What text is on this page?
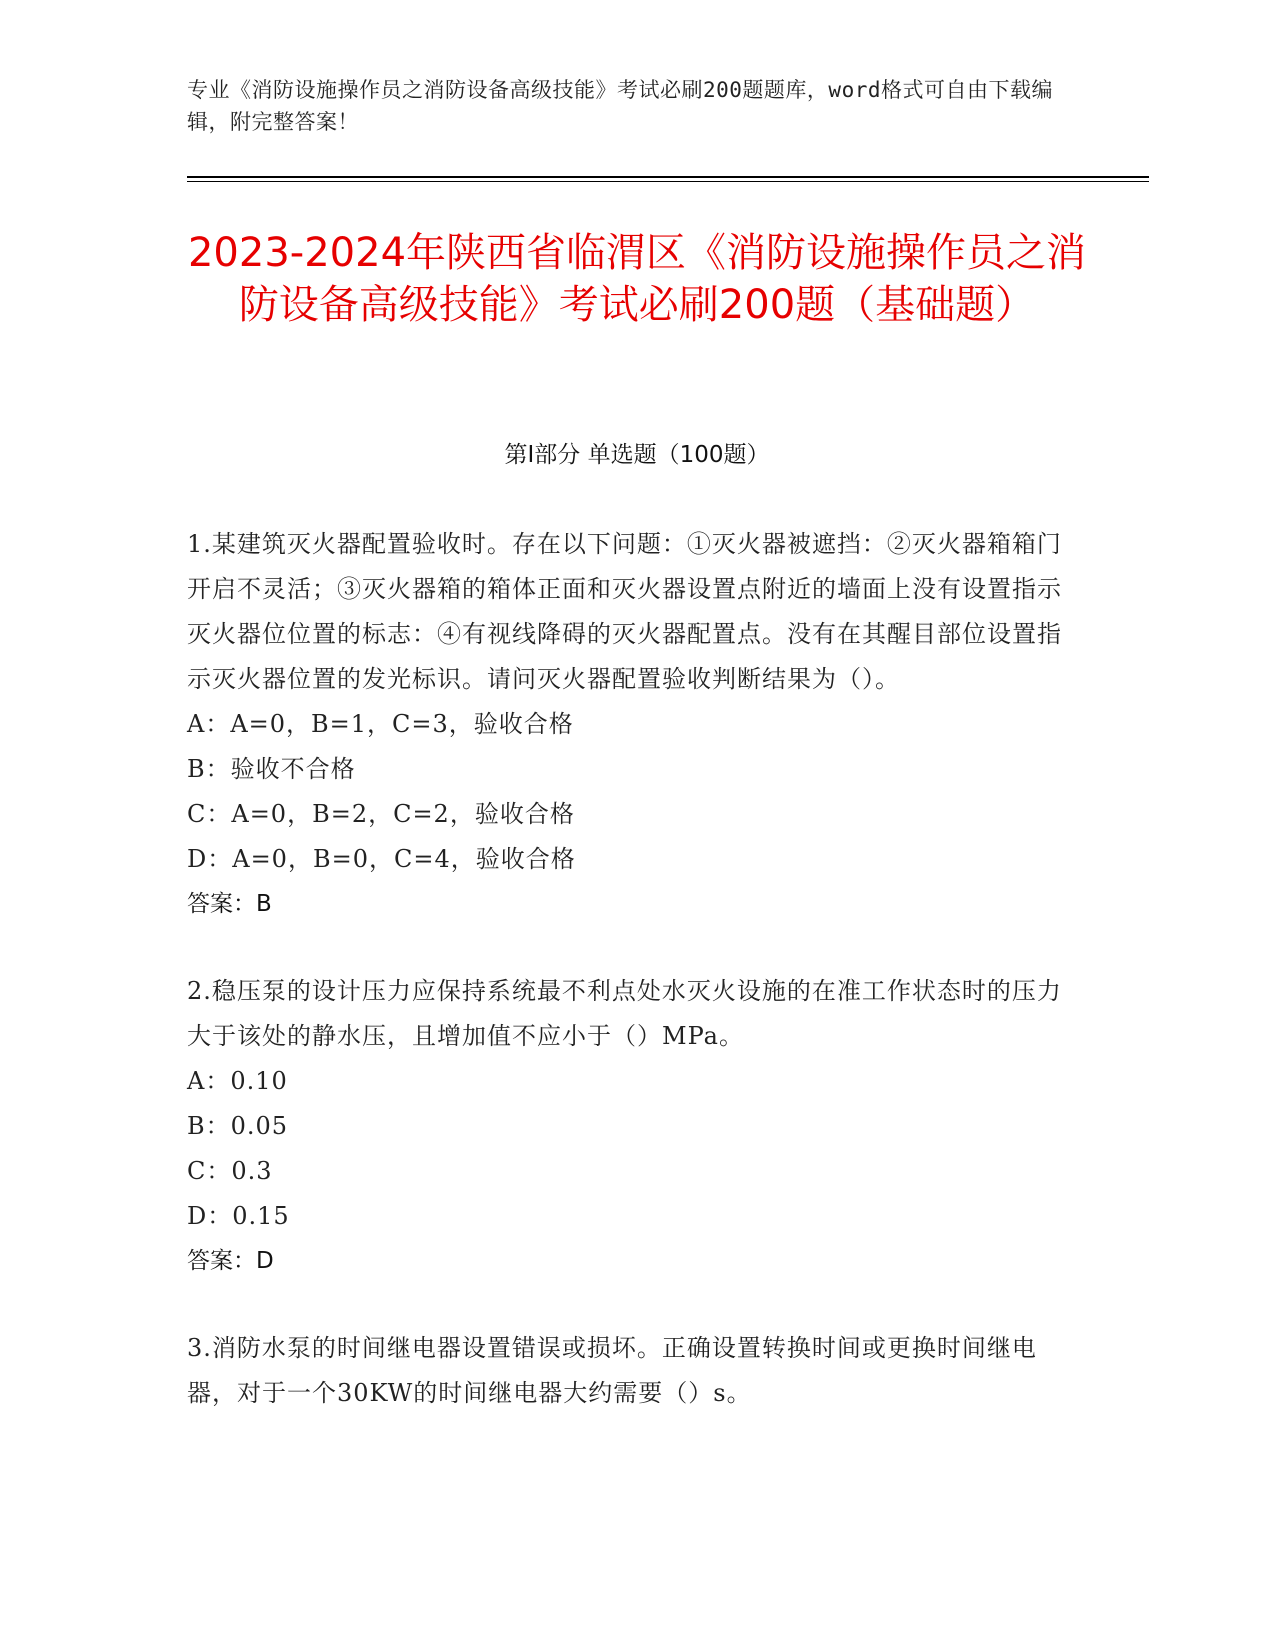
专业《消防设施操作员之消防设备高级技能》考试必刷200题题库，word格式可自由下载编辑，附完整答案！
2023-2024年陕西省临渭区《消防设施操作员之消防设备高级技能》考试必刷200题（基础题）
第I部分 单选题（100题）
1.某建筑灭火器配置验收时。存在以下问题：①灭火器被遮挡：②灭火器箱箱门开启不灵活；③灭火器箱的箱体正面和灭火器设置点附近的墙面上没有设置指示灭火器位位置的标志：④有视线降碍的灭火器配置点。没有在其醒目部位设置指示灭火器位置的发光标识。请问灭火器配置验收判断结果为（）。
A：A=0，B=1，C=3，验收合格
B：验收不合格
C：A=0，B=2，C=2，验收合格
D：A=0，B=0，C=4，验收合格
答案：B
2.稳压泵的设计压力应保持系统最不利点处水灭火设施的在准工作状态时的压力大于该处的静水压，且增加值不应小于（）MPa。
A：0.10
B：0.05
C：0.3
D：0.15
答案：D
3.消防水泵的时间继电器设置错误或损坏。正确设置转换时间或更换时间继电器，对于一个30KW的时间继电器大约需要（）s。
